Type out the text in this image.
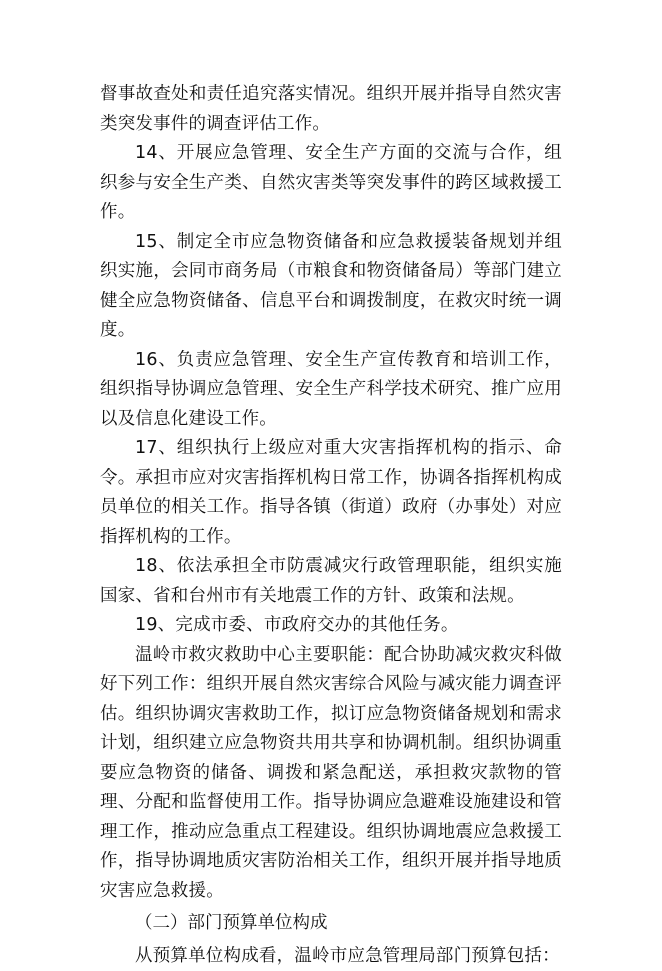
督事故查处和责任追究落实情况。组织开展并指导自然灾害类突发事件的调查评估工作。

14、开展应急管理、安全生产方面的交流与合作，组织参与安全生产类、自然灾害类等突发事件的跨区域救援工作。

15、制定全市应急物资储备和应急救援装备规划并组织实施，会同市商务局（市粮食和物资储备局）等部门建立健全应急物资储备、信息平台和调拨制度，在救灾时统一调度。

16、负责应急管理、安全生产宣传教育和培训工作，组织指导协调应急管理、安全生产科学技术研究、推广应用以及信息化建设工作。

17、组织执行上级应对重大灾害指挥机构的指示、命令。承担市应对灾害指挥机构日常工作，协调各指挥机构成员单位的相关工作。指导各镇（街道）政府（办事处）对应指挥机构的工作。

18、依法承担全市防震减灾行政管理职能，组织实施国家、省和台州市有关地震工作的方针、政策和法规。

19、完成市委、市政府交办的其他任务。

温岭市救灾救助中心主要职能：配合协助减灾救灾科做好下列工作：组织开展自然灾害综合风险与减灾能力调查评估。组织协调灾害救助工作，拟订应急物资储备规划和需求计划，组织建立应急物资共用共享和协调机制。组织协调重要应急物资的储备、调拨和紧急配送，承担救灾款物的管理、分配和监督使用工作。指导协调应急避难设施建设和管理工作，推动应急重点工程建设。组织协调地震应急救援工作，指导协调地质灾害防治相关工作，组织开展并指导地质灾害应急救援。

（二）部门预算单位构成

从预算单位构成看，温岭市应急管理局部门预算包括：
